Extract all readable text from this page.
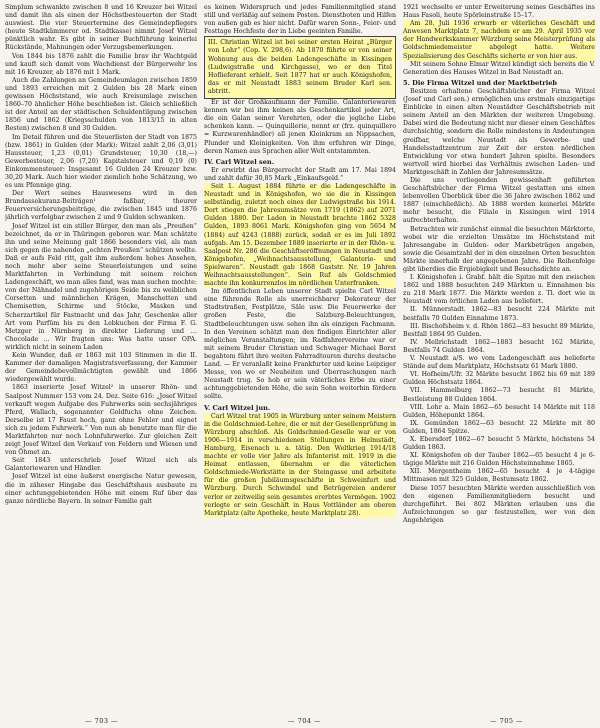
Simplum schwankte zwischen 8 und 16 Kreuzer bei Witzel und damit ihn als einen der Höchstbesteuerten der Stadt auswiest. Die vier Steuertermine des Gemeindepflegers (heute Stadtkämmerer od. Stadtkasse) nimmt Josef Witzel pünktlich wahr. Es gibt in seiner Buchführung keinerlei Rückstände, Mahnungen oder Verzugsbemerkungen.

Von 1844 bis 1876 zahlt die Familie brav ihr Wachtgeld und kauft sich damit vom Wachdienst der Bürgerwehr los mit 16 Kreuzer, ab 1876 mit 1 Mark.

Auch die Zahlungen an Gemeindeumlagen zwischen 1859 und 1893 erreichen mit 2 Gulden bis 28 Mark einen gewissen Höchststand, wie auch Kreisumlage zwischen 1860–70 ähnlicher Höhe beschließen ist. Gleich schließlich ist der Anteil an der städtischen Schuldentilgung zwischen 1856 und 1862 (Kriegsschulden von 1813/15 in alten Resten) zwischen 8 und 30 Gulden.

Im Detail führen und die Steuerlisten der Stadt von 1875 (bzw. 1861) in Gulden (der Mark): Witzel zahlt 2,06 (3,01) Haussteuer, 1,23 (0,01) Grundsteuer, 10,30 (18,—) Gewerbesteuer, 2,06 (7,20) Kapitalsteuer und 0,19 (0) Einkommensteuer: Insgesamt 16 Gulden 24 Kreuzer bzw. 30,20 Mark. Auch hier wieder ziemlich hohe Schätzung, wo es um Pfennige ging.

Der Wert seines Hauswesens wird in den Brandassekuranz-Beiträgen¹ faßbar, theurer Feuerversicherungsbeiträge, die zwischen 1845 und 1876 jährlich verfolgbar zwischen 2 und 9 Gulden schwanken.

Josef Witzel ist ein stiller Bürger, den man als „Preußen“ bezeichnet, da er in Thüringen geboren war. Man schätzte ihn und seine Meinung galt 1866 besonders viel, als man sich gegen die nahenden „echten Preußen“ schützen wollte. Daß er aufs Feld ritt, galt ihm außerdem hohes Ansehen, noch mehr aber seine Steuerleistungen und seine Marktfahrten in Verbindung mit seinem reichen Ladengeschäft, wo man alles fand, was man suchen mochte: von der Nähnadel und zugehörigen Seide bis zu weiblichen Corsetten und männlichen Krägen, Manschetten und Chemisetten, Schirme und Stöcke, Masken und Scherzartikel für Fastnacht und das Jahr, Geschenke aller Art vom Parfüm bis zu den Lebkuchen der Firma F. G. Metzger in Nürnberg in direkter Lieferung und … Chocolade … Wir fragten uns: Was hatte unser OPA. wirklich nicht in seinem Laden

Kein Wunder, daß er 1863 mit 103 Stimmen in die II. Kammer der damaligen Magistratsverfassung, der Kammer der Gemeindebevollmächtigten gewählt und 1866 wiedergewählt wurde.

1863 inserierte Josef Witzel² in unserer Rhön- und Saalpost Nummer 153 vom 24. Dez. Seite 616: „Josef Witzel verkauft wegen Aufgabe des Fuhrwerks sein sechsjähriges Pferd, Wallach, sogenannter Goldfuchs ohne Zeichen. Derselbe ist 17 Faust hoch, ganz ohne Fehler und eignet sich zu jedem Fuhrwerk.“ Von nun ab benutzte man für die Marktfahrten nur noch Lohnfuhrwerke. Zur gleichen Zeit zeigt Josef Witzel den Verkauf von Feldern und Wiesen und von Öhmet an.

Seit 1843 unterschrieb Josef Witzel sich als Galanteriewaren und Händler.

Josef Witzel ist eine äußerst energische Natur gewesen, die in zäheser Hingabe das Geschäftshaus ausbaute zu einer achtunggebietenden Höhe mit einem Ruf über das ganze nördliche Bayern. In seiner Familie galt

es keinen Widerspruch und jedes Familienmitglied stand still und verläßig auf seinem Posten. Dienstboten und Hilfen von außen gab es hier nicht. Dafür waren Sonn-, Feier- und Festtage Hochfeste der in Liebe geeinten Familie.

III. Christian Witzel ist bei seiner ersten Heirat „Bürger von Lohr“ (Cop. V. 298,6). Ab 1870 führte er von seiner Wohnung aus die beiden Ladengeschäfte in Kissingen (Ludwigstraße und Kirchgasse), wo er den Titel Hoflieferant erhielt. Seit 1877 hat er auch Königshofen, das er mit Neustadt 1883 seinem Bruder Karl sen. abtritt.

Er ist der Großkaufmann der Familie. Galanteriewaren kennen wir bei ihm keinen als Geschenkartikel jeder Art, die ein Galan seiner Verehrten, oder die jegliche Liebe schenken kann. — Quinquillerie, nennt er (frz. quinquillero = Kurzwarenhändler) all jenen Kleinkram an Nippsachen, Plunder und Kleinigkeiten. Von ihm erfuhren wir Dinge, deren Namen aus Sprachen aller Welt entstammten.

IV. Carl Witzel sen.

Er erwirbt das Bürgerrecht der Stadt am 17. Mai 1894 und zahlt dafür 30,85 Mark „Einkaufsgeld.“

Seit 1. August 1884 führte er die Ladengeschäfte in Neustadt und in Königshofen, wo sie die in Kissingen selbständig, zuletzt noch eines der Ludwigstraße bis 1914. Dort stiegen die Jahresumsätze von 1719 (1862) auf 2071 Gulden 1880. Der Laden in Neustadt brachte 1862 5328 Gulden, 1893 8061 Mark. Königshofen ging von 5654 M (1884) auf 4243 (1888) zurück, sodaß er es im Juli 1892 aufgab. Am 15. Dezember 1889 inserierte er in der Rhön- u. Saalpost Nr. 286 die Geschäftseröffnungen in Neustadt und Königshofen, „Weihnachtsausstellung, Galanterie- und Spielwaren“. Neustadt gab 1868 Gaststr. Nr. 19 Jahren Weihnachtsausstellungen“. Sein Ruf als Goldschmied machte ihn konkurrenzlos im nördlichen Unterfranken.

Im öffentlichen Leben unserer Stadt spielte Carl Witzel eine führende Rolle als unerreichbarer Dekorateur der Stadtstraßen, Festplätze, Säle usw. Die Feuerwerke der großen Feste, die Salzburg-Beleuchtungen, Stadtbeleuchtungen usw. sehen ihn als einzigen Fachmann. In den Vereinen schätzt man den findigen Einrichter aller möglichen Veranstaltungen; im Radfahrervereine war er mit seinem Bruder Christian und Schwager Michael Borst begabtem führt ihre weiten Fahrradtouren durchs deutsche Land. — Er veranlaßt keine Frankfurter und keine Leipziger Messe, von wo er Neuheiten und Überraschungen nach Neustadt trug. So hob er sein väterliches Erbe zu einer achtunggebietenden Höhe, die sein Sohn weiterhin fördern sollte.

V. Carl Witzel jun.

Carl Witzel trat 1905 in Würzburg unter seinem Meistern in die Goldschmied-Lehre, die er mit der Gesellenprüfung in Würzburg abschloß. Als Goldschmied-Geselle war er von 1906—1914 in verschiedenen Stellungen in Helmstädt, Hamburg, Eisenach u. a. tätig. Den Weltkrieg 1914/18 machte er volle vier Jahre als Infanterist mit. 1919 in die Heimat entlassen, übernahm er die väterlichen Goldschmiede-Werkstätte in der Steingasse und arbeitete für die großen Jubiläumsgeschäfte in Schweinfurt und Würzburg. Durch Schwindel und Betrügereien anderer verlor er zeitweilig sein gesamtes ererbtes Vermögen. 1902 verlegte er sein Geschäft in Haus Vottländer am oberen Marktplatz (alte Apotheke, heute Marktplatz 28).

1921 wechselte er unter Erweiterung seines Geschäftes ins Haus Fasoli, heute Spörleinstraße 15–17.

Am 28. Juli 1936 erwarb er väterliches Geschäft und Anwesen Marktplatz 7, nachdem er am 29. April 1935 vor der Handwerkskammer Würzburg seine Meisterprüfung als Goldschmiedemeister abgelegt hatte. Weitere Spezialisierung des Geschäfts sicherte er von hier aus.

Mit seinem Sohne Elmar Witzel kündigt sich bereits die V. Generation des Hauses Witzel in Bad Neustadt an.

5. Die Firma Witzel und der Marktbetrieb

Besitzen erhaltene Geschäftsbücher der Firma Witzel (Josef und Carl sen.) ermöglichen uns erstmals einzigartige Einblicke in einen alten Neustädter Geschäftsbetrieb mit seinem Anteil an den Märkten der weiteren Umgebung. Dabei wird die Bedeutung nicht nur dieser einen Geschäftes durchsichtig, sondern die Rolle mindestens in Andeutungen greifbar, welche Neustadt als Gewerbe- und Handelsstadtzentrum zur Zeit der ersten nördlichen Entwicklung vor etwa hundert Jahren spielte. Besonders wertvoll wird hierbei das Verhältnis zwischen Laden- und Marktgeschäft in Zahlen der Jahresumsätze.

Die uns vorliegenden gewissenhaft geführten Geschäftsbücher der Firma Witzel gestatten uns einen lebenvollen Überblick über die 36 Jahre zwischen 1862 und 1887 (einschließlich). Ab 1888 werden keinerlei Märkte mehr besucht, die Filiale in Kissingen wird 1914 aufrechterhalten.

Betrachten wir zunächst einmal die besuchten Märktorte, wobei wir die erzielten Umsätze im Höchststand mit Jahresangabe in Gulden- oder Markbeträgen angeben, sowie die Gesamtzahl der in den einzelnen Orten besuchten Märkte innerhalb der angegebenen Jahre. Die Reihenfolge gibt überdies die Ergiebigkeit und Besuchsdichte an.

I. Königshofen i. Grabf. hält die Spitze mit den zwischen 1862 und 1888 besuchten 249 Märkten u. Einnahmen bis zu 218 Mark 1877. Die Märkte werden z. Tl. dort wie in Neustadt vom örtlichen Laden aus beliefert.

II. Münnerstadt. 1862—83 besucht 224 Märkte mit bestfalls 70 Gulden Einnahme 1873.

III. Bischofsheim v. d. Rhön 1862—83 besucht 89 Märkte, Bestfall 1864 95 Gulden.

IV. Mellrichstadt 1862—1883 besucht 162 Märkte, Bestfalls 74 Gulden 1864.

V. Neustadt a/S. wo vom Ladengeschäft aus belieferte Stände auf dem Marktplatz, Höchstsatz 61 Mark 1880.

VI. Hofheim/Ufr. 32 Märkte besucht 1862 bis 69 mit 189 Gulden Höchstsatz 1864.

VII. Hammelburg 1862—73 besucht 81 Märkte, Bestleistung 88 Gulden 1864.

VIII. Lohr a. Main 1862—65 besucht 14 Märkte mit 118 Gulden, Höhepunkt 1864.

IX. Gemünden 1862—63 besucht 22 Märkte mit 80 Gulden, 1864 Spitze.

X. Ebersdorf 1862—67 besucht 5 Märkte, höchstens 54 Gulden 1863.

XI. Königshofen ob der Tauber 1862—65 besucht 4 je 6-tägige Märkte mit 216 Gulden Höchsteinnahme 1865.

XII. Mergentheim 1862—65 besucht 4 je 4-tägige Mittmasen mit 325 Gulden, Bestumsatz 1862.

Diese 1057 besuchten Märkte werden ausschließlich von den eigenen Familienmitgliedern besucht und durchgeführt. Bei 802 Märkten erlauben uns die Aufzeichnungen so gar festzustellen, wer von den Angehörigen

— 703 —	— 704 —	— 705 —
